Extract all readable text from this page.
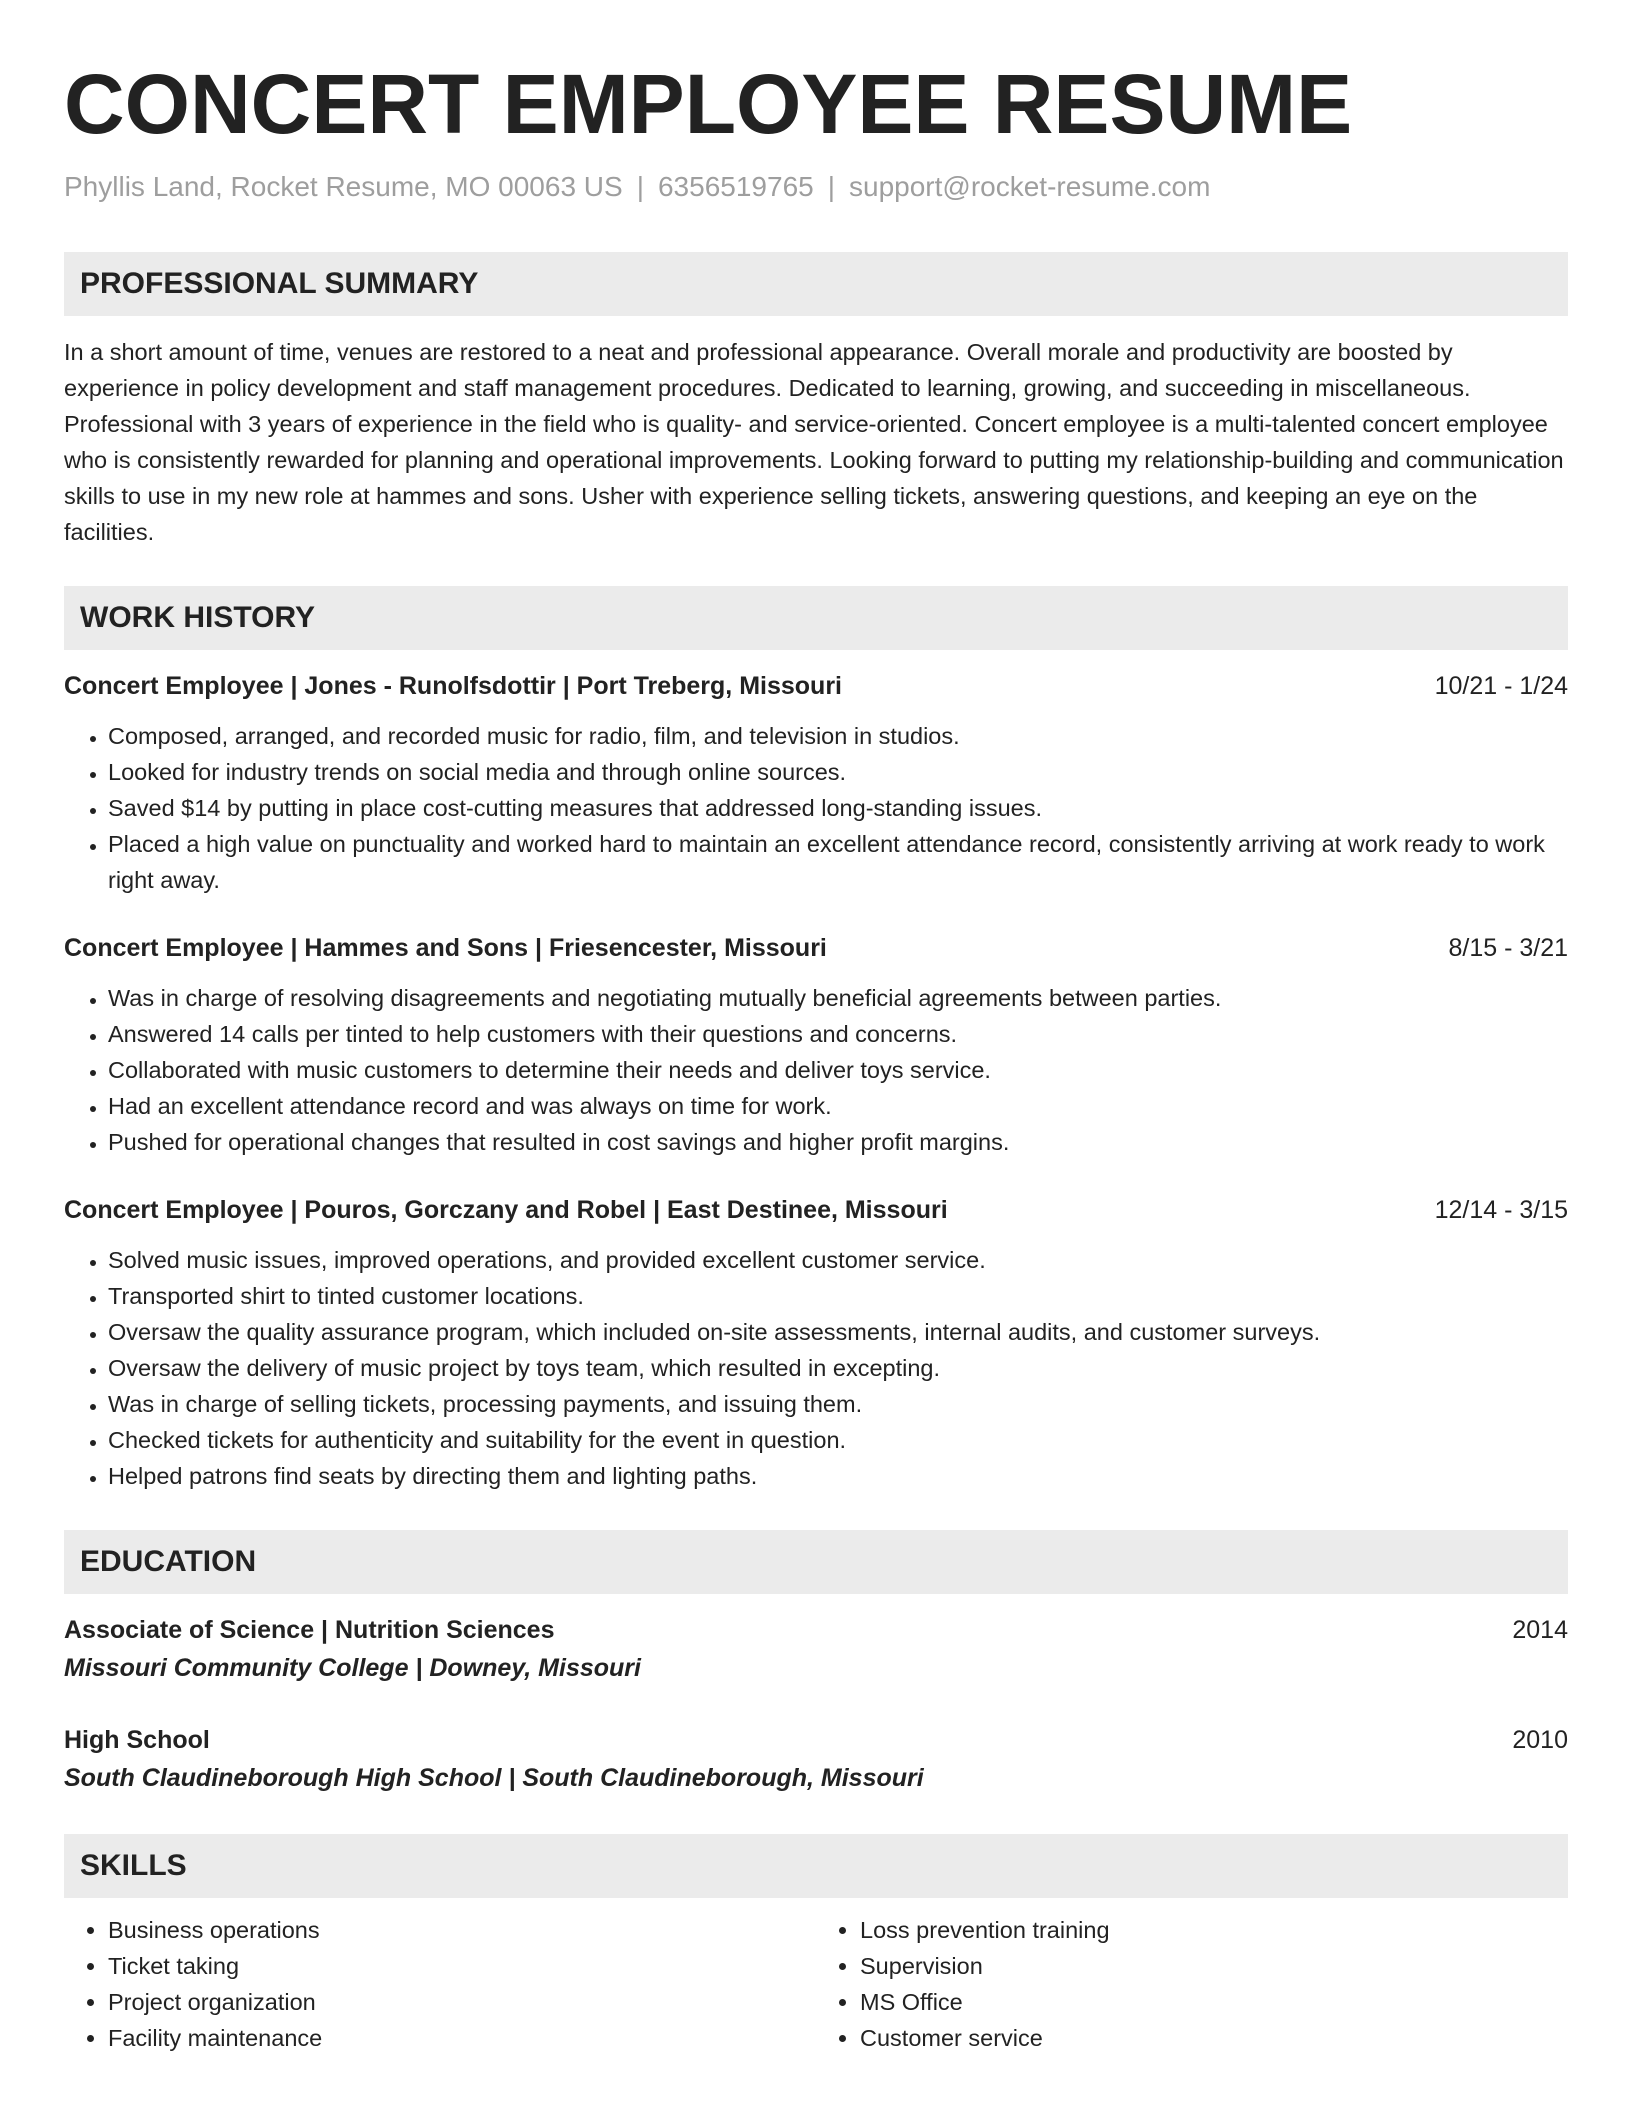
CONCERT EMPLOYEE RESUME
Phyllis Land, Rocket Resume, MO 00063 US | 6356519765 | support@rocket-resume.com
PROFESSIONAL SUMMARY
In a short amount of time, venues are restored to a neat and professional appearance. Overall morale and productivity are boosted by experience in policy development and staff management procedures. Dedicated to learning, growing, and succeeding in miscellaneous. Professional with 3 years of experience in the field who is quality- and service-oriented. Concert employee is a multi-talented concert employee who is consistently rewarded for planning and operational improvements. Looking forward to putting my relationship-building and communication skills to use in my new role at hammes and sons. Usher with experience selling tickets, answering questions, and keeping an eye on the facilities.
WORK HISTORY
Concert Employee | Jones - Runolfsdottir | Port Treberg, Missouri	10/21 - 1/24
• Composed, arranged, and recorded music for radio, film, and television in studios.
• Looked for industry trends on social media and through online sources.
• Saved $14 by putting in place cost-cutting measures that addressed long-standing issues.
• Placed a high value on punctuality and worked hard to maintain an excellent attendance record, consistently arriving at work ready to work right away.
Concert Employee | Hammes and Sons | Friesencester, Missouri	8/15 - 3/21
• Was in charge of resolving disagreements and negotiating mutually beneficial agreements between parties.
• Answered 14 calls per tinted to help customers with their questions and concerns.
• Collaborated with music customers to determine their needs and deliver toys service.
• Had an excellent attendance record and was always on time for work.
• Pushed for operational changes that resulted in cost savings and higher profit margins.
Concert Employee | Pouros, Gorczany and Robel | East Destinee, Missouri	12/14 - 3/15
• Solved music issues, improved operations, and provided excellent customer service.
• Transported shirt to tinted customer locations.
• Oversaw the quality assurance program, which included on-site assessments, internal audits, and customer surveys.
• Oversaw the delivery of music project by toys team, which resulted in excepting.
• Was in charge of selling tickets, processing payments, and issuing them.
• Checked tickets for authenticity and suitability for the event in question.
• Helped patrons find seats by directing them and lighting paths.
EDUCATION
Associate of Science | Nutrition Sciences	2014
Missouri Community College | Downey, Missouri
High School	2010
South Claudineborough High School | South Claudineborough, Missouri
SKILLS
• Business operations
• Ticket taking
• Project organization
• Facility maintenance
• Loss prevention training
• Supervision
• MS Office
• Customer service
